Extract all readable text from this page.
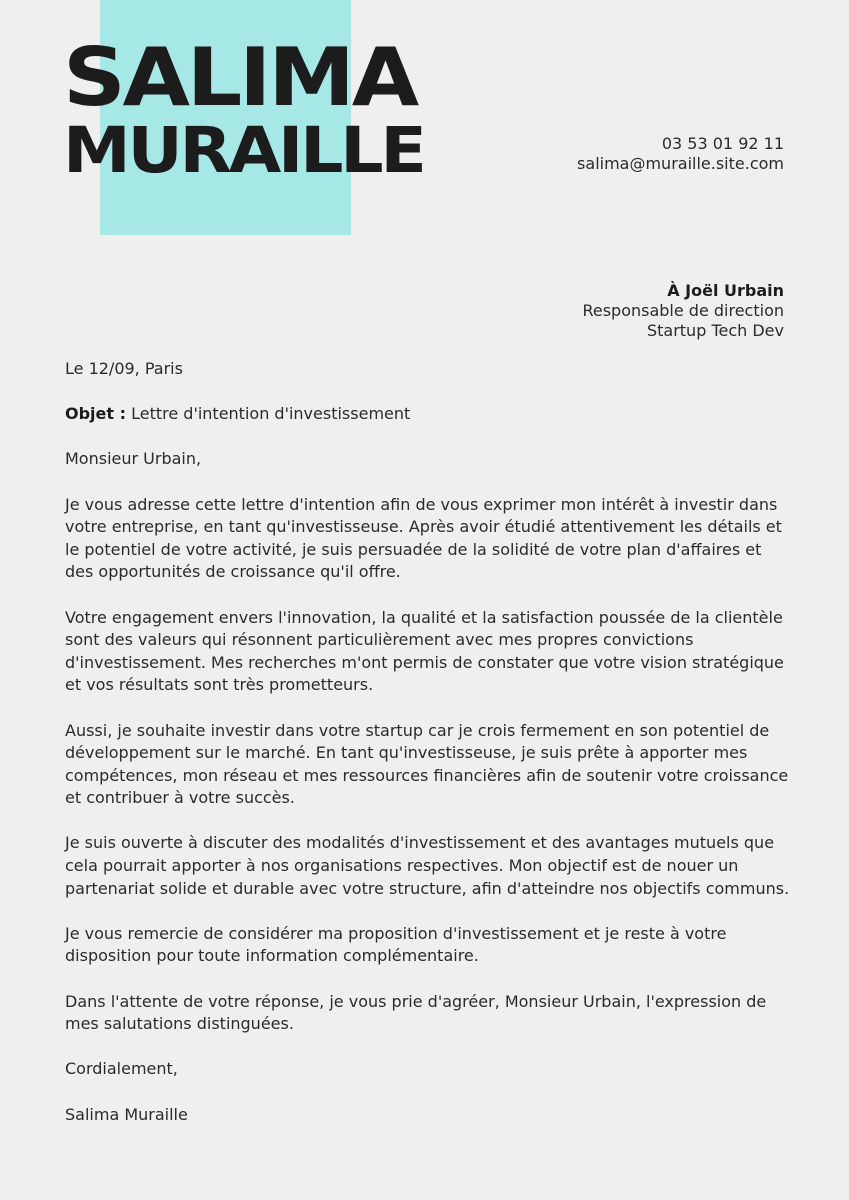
SALIMA
MURAILLE	03 53 01 92 11
salima@muraille.site.com
À Joël Urbain
Responsable de direction
Startup Tech Dev

Le 12/09, Paris

Objet : Lettre d'intention d'investissement

Monsieur Urbain,

Je vous adresse cette lettre d'intention afin de vous exprimer mon intérêt à investir dans votre entreprise, en tant qu'investisseuse. Après avoir étudié attentivement les détails et le potentiel de votre activité, je suis persuadée de la solidité de votre plan d'affaires et des opportunités de croissance qu'il offre.

Votre engagement envers l'innovation, la qualité et la satisfaction poussée de la clientèle sont des valeurs qui résonnent particulièrement avec mes propres convictions d'investissement. Mes recherches m'ont permis de constater que votre vision stratégique et vos résultats sont très prometteurs.

Aussi, je souhaite investir dans votre startup car je crois fermement en son potentiel de développement sur le marché. En tant qu'investisseuse, je suis prête à apporter mes compétences, mon réseau et mes ressources financières afin de soutenir votre croissance et contribuer à votre succès.

Je suis ouverte à discuter des modalités d'investissement et des avantages mutuels que cela pourrait apporter à nos organisations respectives. Mon objectif est de nouer un partenariat solide et durable avec votre structure, afin d'atteindre nos objectifs communs.

Je vous remercie de considérer ma proposition d'investissement et je reste à votre disposition pour toute information complémentaire.

Dans l'attente de votre réponse, je vous prie d'agréer, Monsieur Urbain, l'expression de mes salutations distinguées.

Cordialement,

Salima Muraille
